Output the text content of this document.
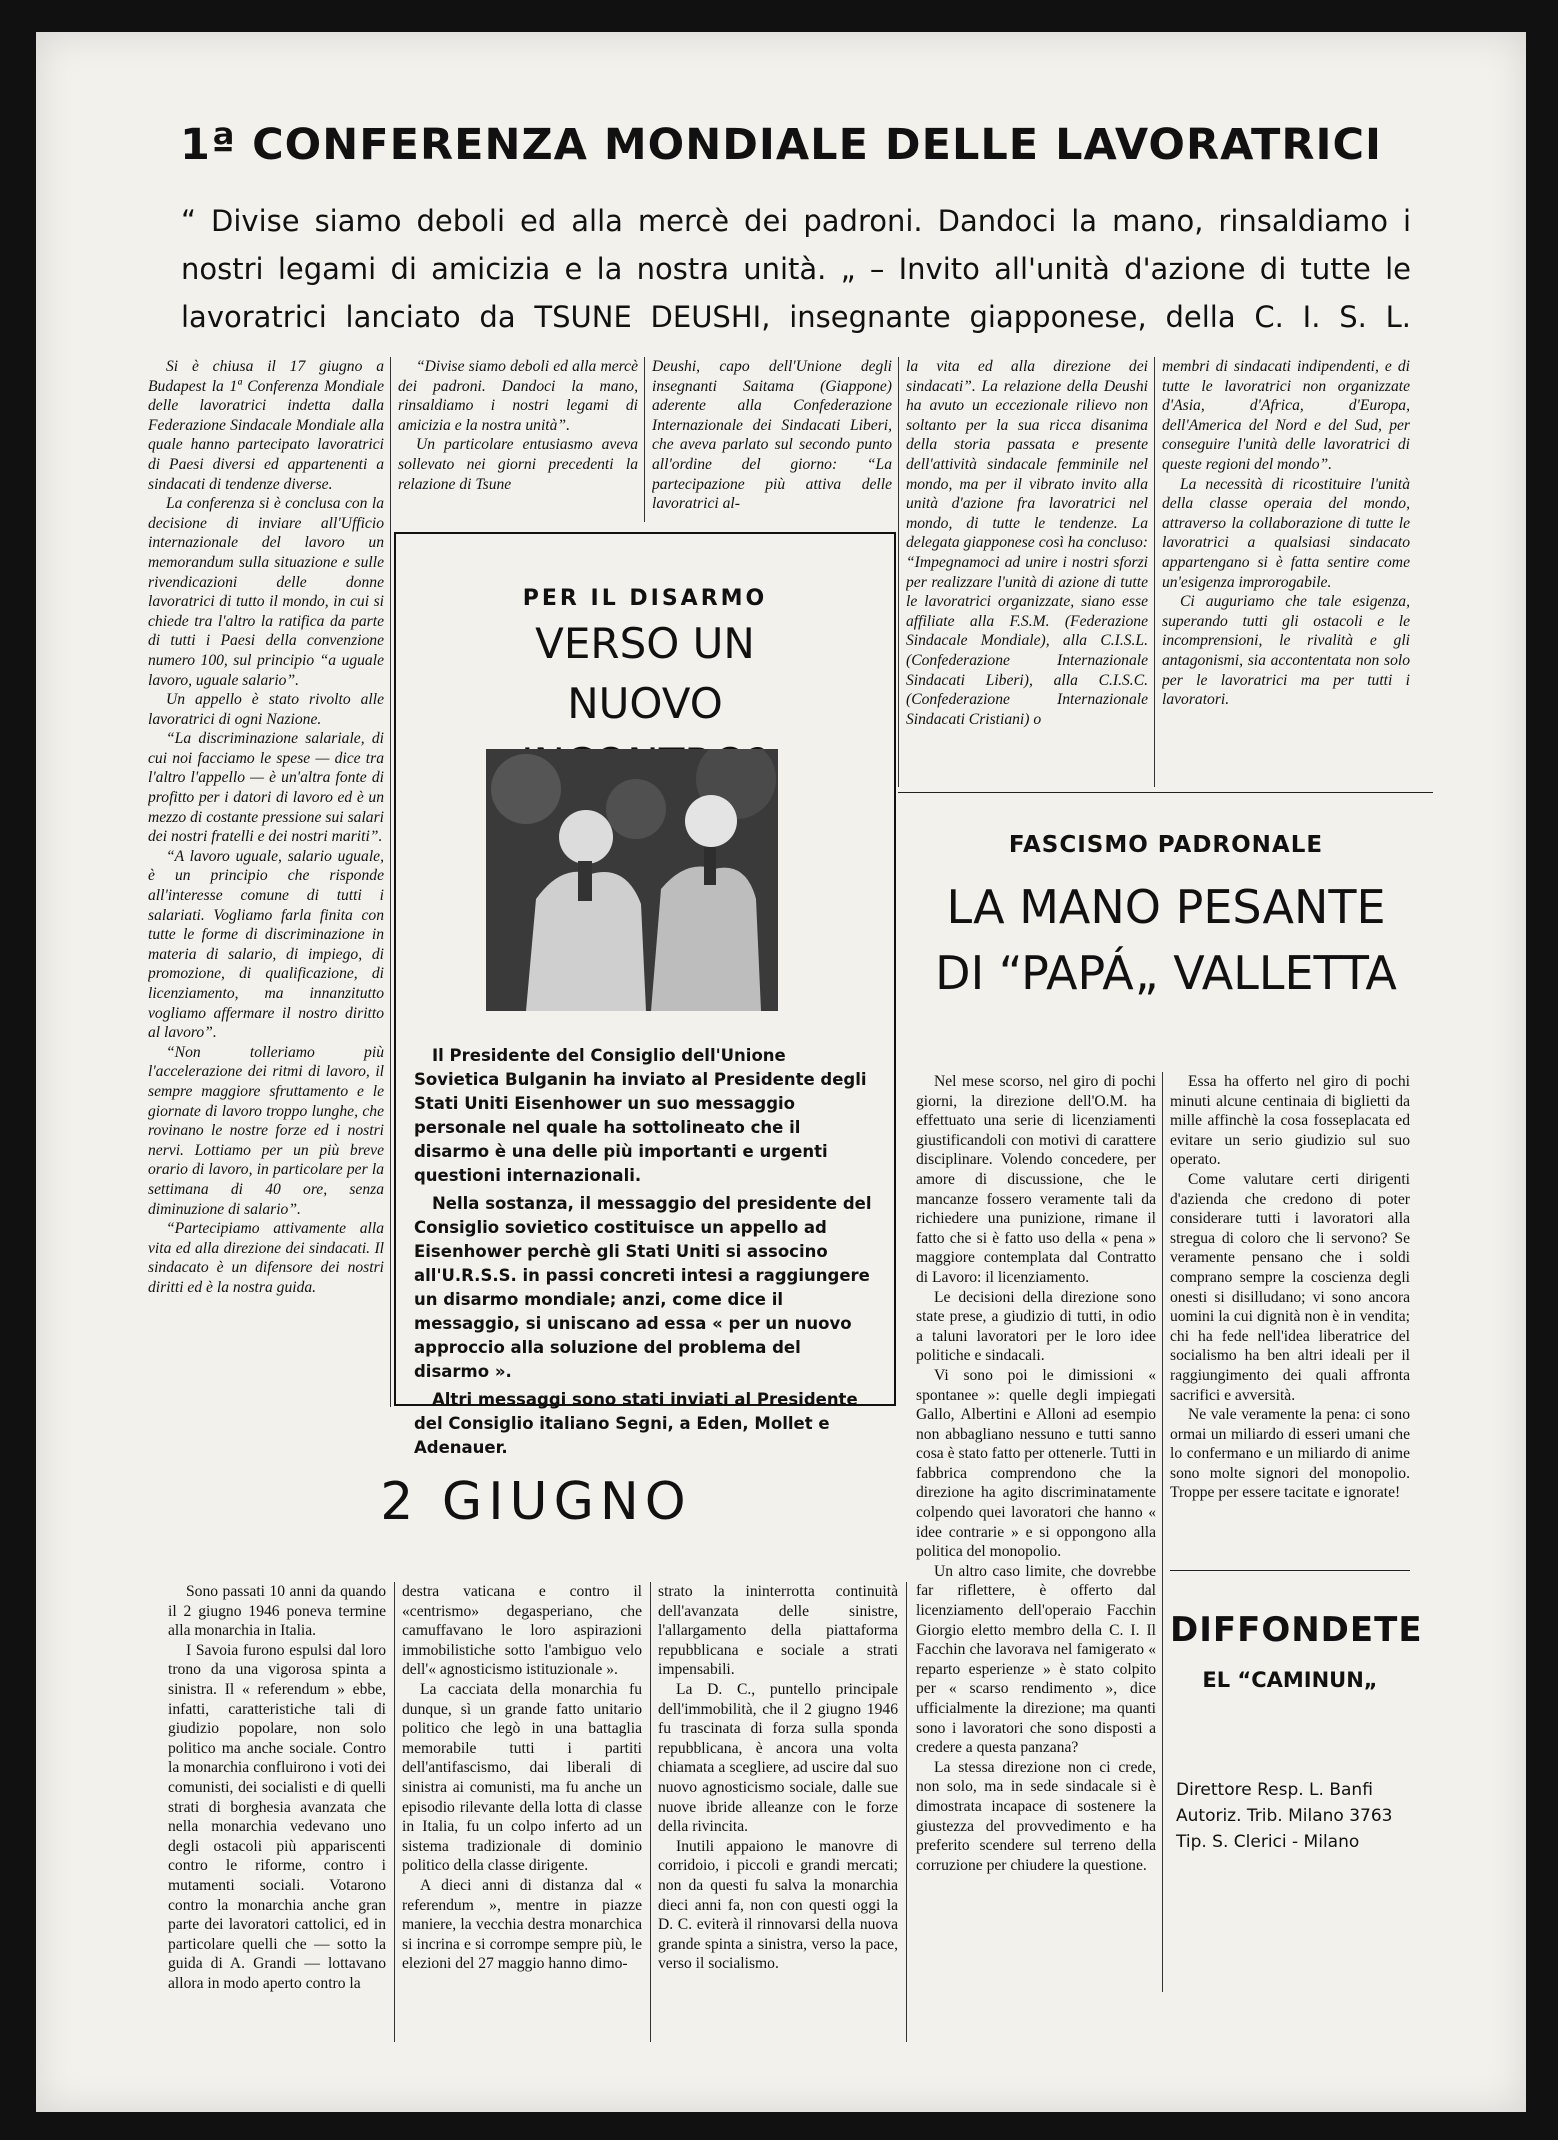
1ª CONFERENZA MONDIALE DELLE LAVORATRICI

“ Divise siamo deboli ed alla mercè dei padroni. Dandoci la mano, rinsaldiamo i nostri legami di amicizia e la nostra unità. „ – Invito all'unità d'azione di tutte le lavoratrici lanciato da TSUNE DEUSHI, insegnante giapponese, della C. I. S. L.

Si è chiusa il 17 giugno a Budapest la 1ª Conferenza Mondiale delle lavoratrici indetta dalla Federazione Sindacale Mondiale alla quale hanno partecipato lavoratrici di Paesi diversi ed appartenenti a sindacati di tendenze diverse.

La conferenza si è conclusa con la decisione di inviare all'Ufficio internazionale del lavoro un memorandum sulla situazione e sulle rivendicazioni delle donne lavoratrici di tutto il mondo, in cui si chiede tra l'altro la ratifica da parte di tutti i Paesi della convenzione numero 100, sul principio “a uguale lavoro, uguale salario”.

Un appello è stato rivolto alle lavoratrici di ogni Nazione.

“La discriminazione salariale, di cui noi facciamo le spese — dice tra l'altro l'appello — è un'altra fonte di profitto per i datori di lavoro ed è un mezzo di costante pressione sui salari dei nostri fratelli e dei nostri mariti”.

“A lavoro uguale, salario uguale, è un principio che risponde all'interesse comune di tutti i salariati. Vogliamo farla finita con tutte le forme di discriminazione in materia di salario, di impiego, di promozione, di qualificazione, di licenziamento, ma innanzitutto vogliamo affermare il nostro diritto al lavoro”.

“Non tolleriamo più l'accelerazione dei ritmi di lavoro, il sempre maggiore sfruttamento e le giornate di lavoro troppo lunghe, che rovinano le nostre forze ed i nostri nervi. Lottiamo per un più breve orario di lavoro, in particolare per la settimana di 40 ore, senza diminuzione di salario”.

“Partecipiamo attivamente alla vita ed alla direzione dei sindacati. Il sindacato è un difensore dei nostri diritti ed è la nostra guida.

“Divise siamo deboli ed alla mercè dei padroni. Dandoci la mano, rinsaldiamo i nostri legami di amicizia e la nostra unità”.

Un particolare entusiasmo aveva sollevato nei giorni precedenti la relazione di Tsune

Deushi, capo dell'Unione degli insegnanti Saitama (Giappone) aderente alla Confederazione Internazionale dei Sindacati Liberi, che aveva parlato sul secondo punto all'ordine del giorno: “La partecipazione più attiva delle lavoratrici al-

la vita ed alla direzione dei sindacati”. La relazione della Deushi ha avuto un eccezionale rilievo non soltanto per la sua ricca disanima della storia passata e presente dell'attività sindacale femminile nel mondo, ma per il vibrato invito alla unità d'azione fra lavoratrici nel mondo, di tutte le tendenze. La delegata giapponese così ha concluso: “Impegnamoci ad unire i nostri sforzi per realizzare l'unità di azione di tutte le lavoratrici organizzate, siano esse affiliate alla F.S.M. (Federazione Sindacale Mondiale), alla C.I.S.L. (Confederazione Internazionale Sindacati Liberi), alla C.I.S.C. (Confederazione Internazionale Sindacati Cristiani) o

membri di sindacati indipendenti, e di tutte le lavoratrici non organizzate d'Asia, d'Africa, d'Europa, dell'America del Nord e del Sud, per conseguire l'unità delle lavoratrici di queste regioni del mondo”.

La necessità di ricostituire l'unità della classe operaia del mondo, attraverso la collaborazione di tutte le lavoratrici a qualsiasi sindacato appartengano si è fatta sentire come un'esigenza improrogabile.

Ci auguriamo che tale esigenza, superando tutti gli ostacoli e le incomprensioni, le rivalità e gli antagonismi, sia accontentata non solo per le lavoratrici ma per tutti i lavoratori.

PER IL DISARMO
VERSO UN NUOVO

Il Presidente del Consiglio dell'Unione Sovietica Bulganin ha inviato al Presidente degli Stati Uniti Eisenhower un suo messaggio personale nel quale ha sottolineato che il disarmo è una delle più importanti e urgenti questioni internazionali.

Nella sostanza, il messaggio del presidente del Consiglio sovietico costituisce un appello ad Eisenhower perchè gli Stati Uniti si associno all'U.R.S.S. in passi concreti intesi a raggiungere un disarmo mondiale; anzi, come dice il messaggio, si uniscano ad essa « per un nuovo approccio alla soluzione del problema del disarmo ».

Altri messaggi sono stati inviati al Presidente del Consiglio italiano Segni, a Eden, Mollet e Adenauer.

FASCISMO PADRONALE
LA MANO PESANTE DI “PAPÁ„ VALLETTA

Nel mese scorso, nel giro di pochi giorni, la direzione dell'O.M. ha effettuato una serie di licenziamenti giustificandoli con motivi di carattere disciplinare. Volendo concedere, per amore di discussione, che le mancanze fossero veramente tali da richiedere una punizione, rimane il fatto che si è fatto uso della « pena » maggiore contemplata dal Contratto di Lavoro: il licenziamento.

Le decisioni della direzione sono state prese, a giudizio di tutti, in odio a taluni lavoratori per le loro idee politiche e sindacali.

Vi sono poi le dimissioni « spontanee »: quelle degli impiegati Gallo, Albertini e Alloni ad esempio non abbagliano nessuno e tutti sanno cosa è stato fatto per ottenerle. Tutti in fabbrica comprendono che la direzione ha agito discriminatamente colpendo quei lavoratori che hanno « idee contrarie » e si oppongono alla politica del monopolio.

Un altro caso limite, che dovrebbe far riflettere, è offerto dal licenziamento dell'operaio Facchin Giorgio eletto membro della C. I. Il Facchin che lavorava nel famigerato « reparto esperienze » è stato colpito per « scarso rendimento », dice ufficialmente la direzione; ma quanti sono i lavoratori che sono disposti a credere a questa panzana?

La stessa direzione non ci crede, non solo, ma in sede sindacale si è dimostrata incapace di sostenere la giustezza del provvedimento e ha preferito scendere sul terreno della corruzione per chiudere la questione.

Essa ha offerto nel giro di pochi minuti alcune centinaia di biglietti da mille affinchè la cosa fosseplacata ed evitare un serio giudizio sul suo operato.

Come valutare certi dirigenti d'azienda che credono di poter considerare tutti i lavoratori alla stregua di coloro che li servono? Se veramente pensano che i soldi comprano sempre la coscienza degli onesti si disilludano; vi sono ancora uomini la cui dignità non è in vendita; chi ha fede nell'idea liberatrice del socialismo ha ben altri ideali per il raggiungimento dei quali affronta sacrifici e avversità.

Ne vale veramente la pena: ci sono ormai un miliardo di esseri umani che lo confermano e un miliardo di anime sono molte signori del monopolio. Troppe per essere tacitate e ignorate!

DIFFONDETE
EL “CAMINUN„
Direttore Resp. L. Banfi
Autoriz. Trib. Milano 3763
Tip. S. Clerici - Milano
2 GIUGNO

Sono passati 10 anni da quando il 2 giugno 1946 poneva termine alla monarchia in Italia.

I Savoia furono espulsi dal loro trono da una vigorosa spinta a sinistra. Il « referendum » ebbe, infatti, caratteristiche tali di giudizio popolare, non solo politico ma anche sociale. Contro la monarchia confluirono i voti dei comunisti, dei socialisti e di quelli strati di borghesia avanzata che nella monarchia vedevano uno degli ostacoli più appariscenti contro le riforme, contro i mutamenti sociali. Votarono contro la monarchia anche gran parte dei lavoratori cattolici, ed in particolare quelli che — sotto la guida di A. Grandi — lottavano allora in modo aperto contro la

destra vaticana e contro il «centrismo» degasperiano, che camuffavano le loro aspirazioni immobilistiche sotto l'ambiguo velo dell'« agnosticismo istituzionale ».

La cacciata della monarchia fu dunque, sì un grande fatto unitario politico che legò in una battaglia memorabile tutti i partiti dell'antifascismo, dai liberali di sinistra ai comunisti, ma fu anche un episodio rilevante della lotta di classe in Italia, fu un colpo inferto ad un sistema tradizionale di dominio politico della classe dirigente.

A dieci anni di distanza dal « referendum », mentre in piazze maniere, la vecchia destra monarchica si incrina e si corrompe sempre più, le elezioni del 27 maggio hanno dimo-

strato la ininterrotta continuità dell'avanzata delle sinistre, l'allargamento della piattaforma repubblicana e sociale a strati impensabili.

La D. C., puntello principale dell'immobilità, che il 2 giugno 1946 fu trascinata di forza sulla sponda repubblicana, è ancora una volta chiamata a scegliere, ad uscire dal suo nuovo agnosticismo sociale, dalle sue nuove ibride alleanze con le forze della rivincita.

Inutili appaiono le manovre di corridoio, i piccoli e grandi mercati; non da questi fu salva la monarchia dieci anni fa, non con questi oggi la D. C. eviterà il rinnovarsi della nuova grande spinta a sinistra, verso la pace, verso il socialismo.
